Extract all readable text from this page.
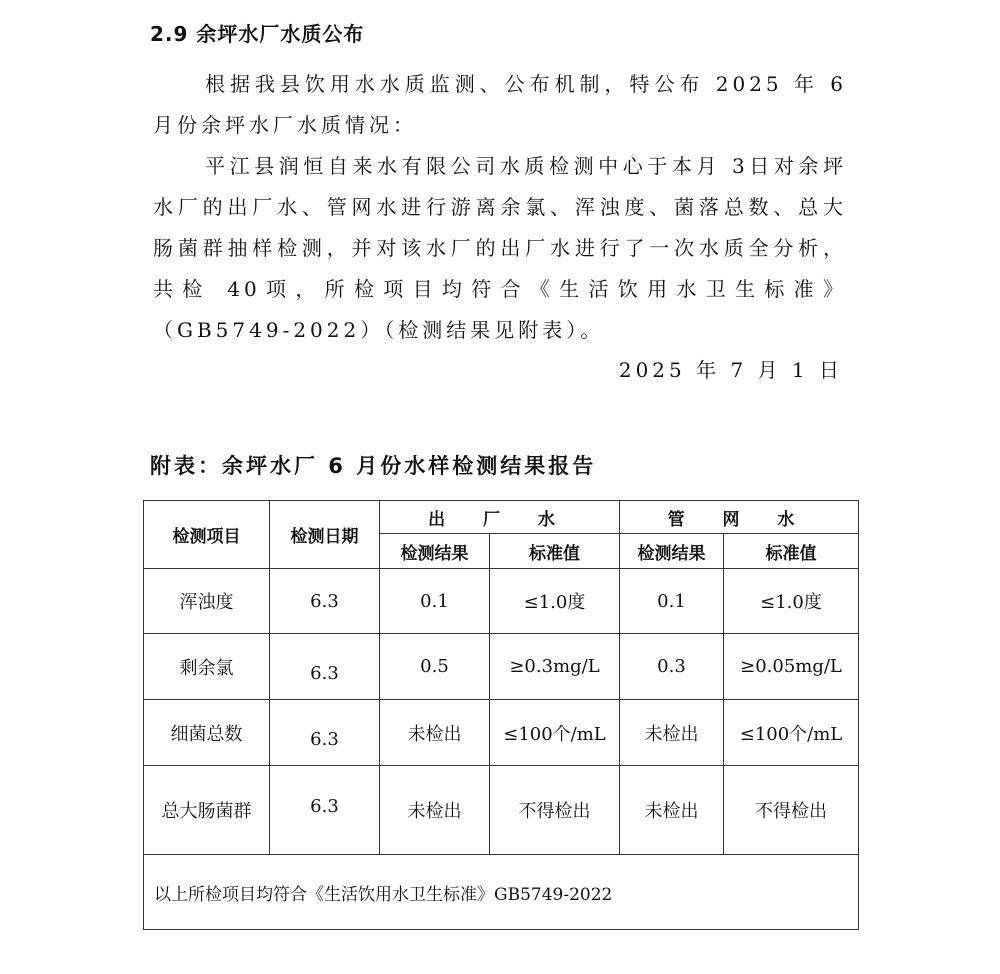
2.9 余坪水厂水质公布

根据我县饮用水水质监测、公布机制，特公布 2025 年 6 月份余坪水厂水质情况：

平江县润恒自来水有限公司水质检测中心于本月 3日对余坪水厂的出厂水、管网水进行游离余氯、浑浊度、菌落总数、总大肠菌群抽样检测，并对该水厂的出厂水进行了一次水质全分析，共检 40项，所检项目均符合《生活饮用水卫生标准》（GB5749-2022）（检测结果见附表）。

2025 年 7 月 1 日
附表：余坪水厂 6 月份水样检测结果报告
检测项目	检测日期	出 厂 水		管 网 水	
		检测结果	标准值	检测结果	标准值
浑浊度	6.3	0.1	≤1.0度	0.1	≤1.0度
剩余氯	6.3	0.5	≥0.3mg/L	0.3	≥0.05mg/L
细菌总数	6.3	未检出	≤100个/mL	未检出	≤100个/mL
总大肠菌群	6.3	未检出	不得检出	未检出	不得检出
以上所检项目均符合《生活饮用水卫生标准》GB5749-2022					
